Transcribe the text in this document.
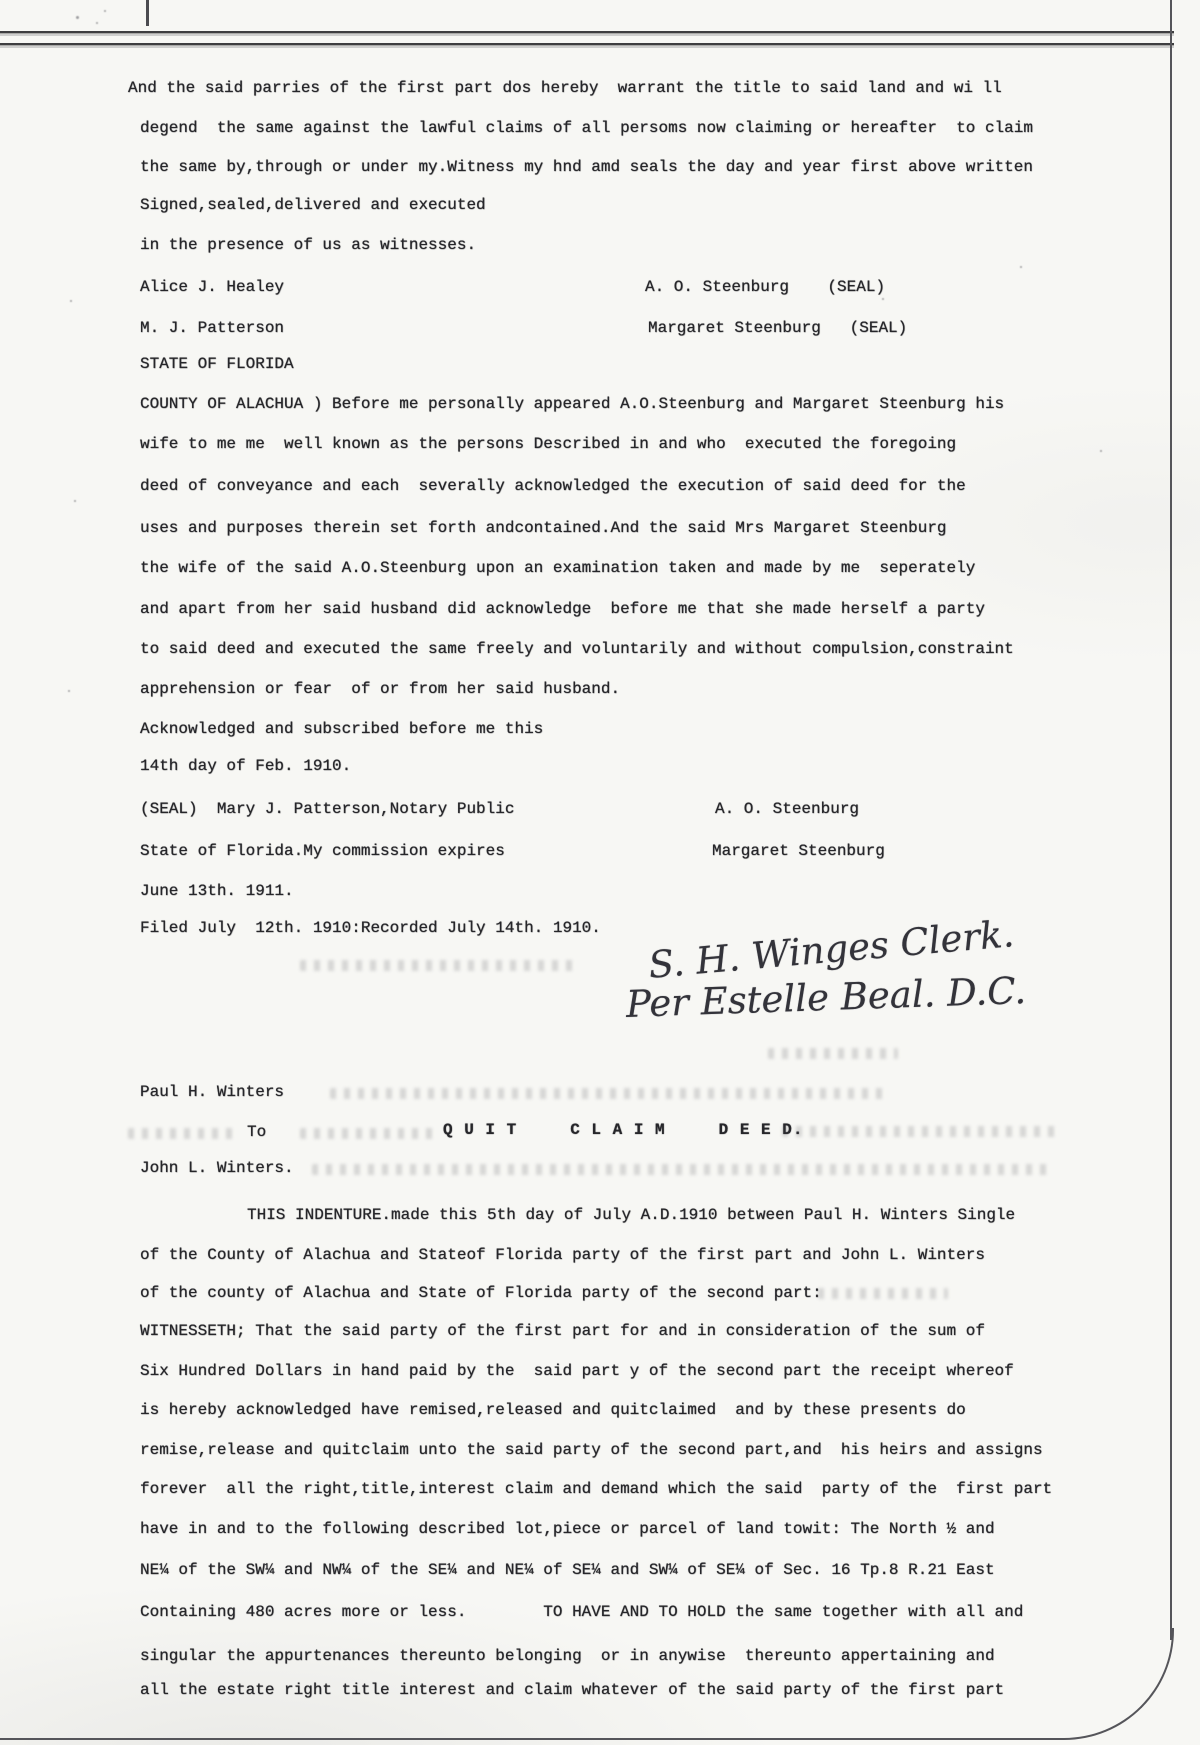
And the said parries of the first part dos hereby  warrant the title to said land and wi ll
degend  the same against the lawful claims of all persoms now claiming or hereafter  to claim
the same by,through or under my.Witness my hnd amd seals the day and year first above written
Signed,sealed,delivered and executed
in the presence of us as witnesses.
Alice J. Healey	A. O. Steenburg    (SEAL)
M. J. Patterson	Margaret Steenburg   (SEAL)
STATE OF FLORIDA
COUNTY OF ALACHUA ) Before me personally appeared A.O.Steenburg and Margaret Steenburg his
wife to me me  well known as the persons Described in and who  executed the foregoing
deed of conveyance and each  severally acknowledged the execution of said deed for the
uses and purposes therein set forth andcontained.And the said Mrs Margaret Steenburg
the wife of the said A.O.Steenburg upon an examination taken and made by me  seperately
and apart from her said husband did acknowledge  before me that she made herself a party
to said deed and executed the same freely and voluntarily and without compulsion,constraint
apprehension or fear  of or from her said husband.
Acknowledged and subscribed before me this
14th day of Feb. 1910.
(SEAL)  Mary J. Patterson,Notary Public	A. O. Steenburg
State of Florida.My commission expires	Margaret Steenburg
June 13th. 1911.
Filed July  12th. 1910:Recorded July 14th. 1910.
Paul H. Winters
To	Q U I T     C L A I M     D E E D.
John L. Winters.
THIS INDENTURE.made this 5th day of July A.D.1910 between Paul H. Winters Single
of the County of Alachua and Stateof Florida party of the first part and John L. Winters
of the county of Alachua and State of Florida party of the second part:
WITNESSETH; That the said party of the first part for and in consideration of the sum of
Six Hundred Dollars in hand paid by the  said part y of the second part the receipt whereof
is hereby acknowledged have remised,released and quitclaimed  and by these presents do
remise,release and quitclaim unto the said party of the second part,and  his heirs and assigns
forever  all the right,title,interest claim and demand which the said  party of the  first part
have in and to the following described lot,piece or parcel of land towit: The North ½ and
NE¼ of the SW¼ and NW¼ of the SE¼ and NE¼ of SE¼ and SW¼ of SE¼ of Sec. 16 Tp.8 R.21 East
Containing 480 acres more or less.        TO HAVE AND TO HOLD the same together with all and
singular the appurtenances thereunto belonging  or in anywise  thereunto appertaining and
all the estate right title interest and claim whatever of the said party of the first part
S. H. Winges Clerk.
Per Estelle Beal. D.C.
